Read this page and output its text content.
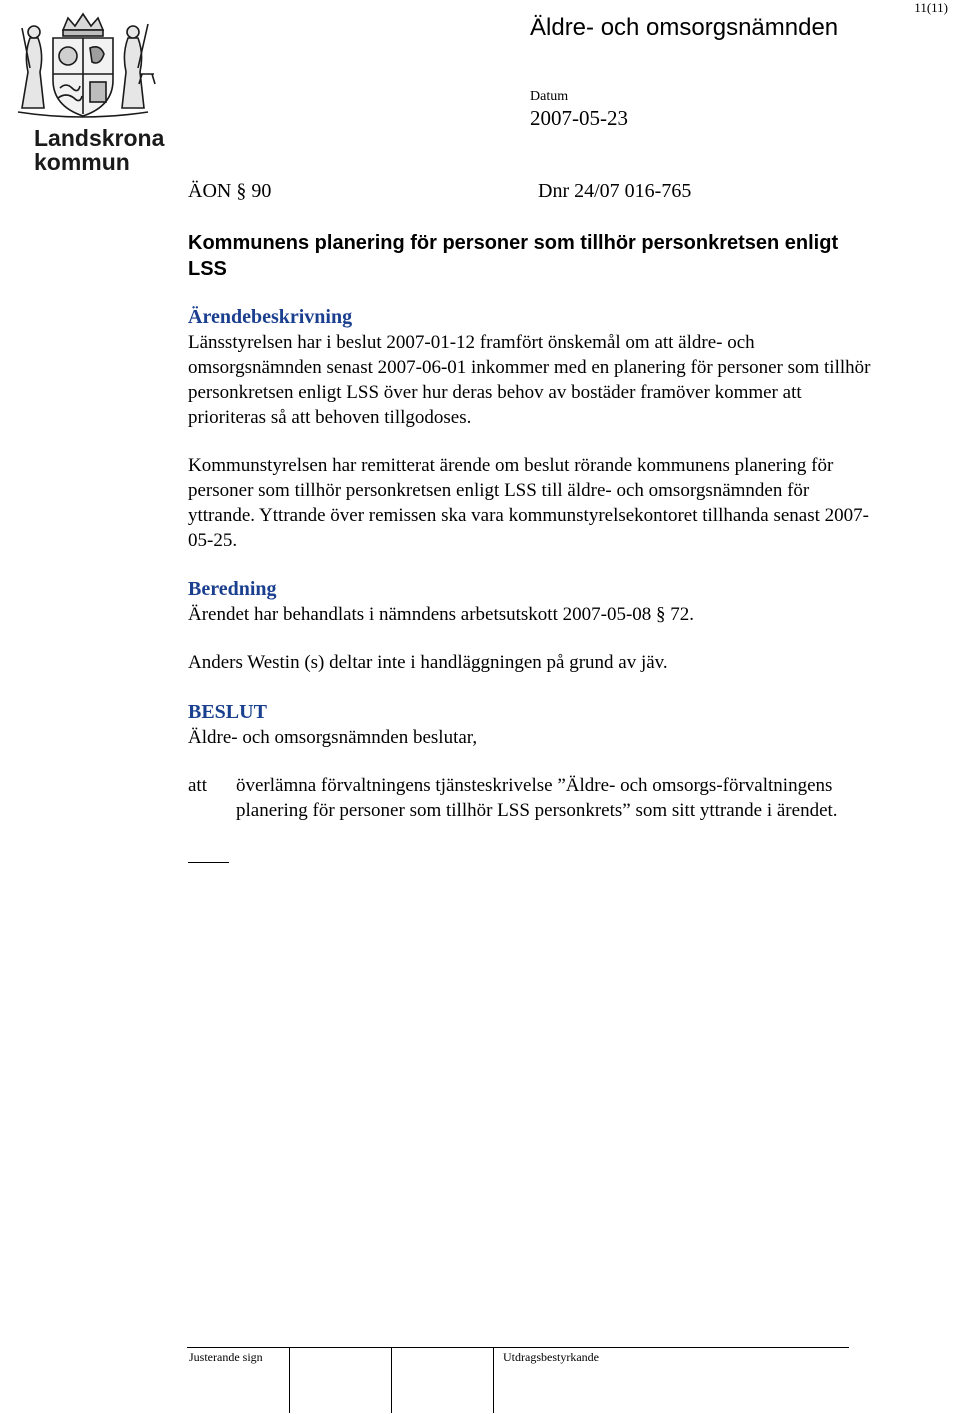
11(11)
Äldre- och omsorgsnämnden
Datum
2007-05-23
Landskrona
kommun
ÄON § 90	Dnr 24/07 016-765
Kommunens planering för personer som tillhör personkretsen enligt LSS

Ärendebeskrivning

Länsstyrelsen har i beslut 2007-01-12 framfört önskemål om att äldre- och omsorgsnämnden senast 2007-06-01 inkommer med en planering för personer som tillhör personkretsen enligt LSS över hur deras behov av bostäder framöver kommer att prioriteras så att behoven tillgodoses.

Kommunstyrelsen har remitterat ärende om beslut rörande kommunens planering för personer som tillhör personkretsen enligt LSS till äldre- och omsorgsnämnden för yttrande. Yttrande över remissen ska vara kommunstyrelsekontoret tillhanda senast 2007-05-25.

Beredning

Ärendet har behandlats i nämndens arbetsutskott 2007-05-08 § 72.

Anders Westin (s) deltar inte i handläggningen på grund av jäv.

BESLUT

Äldre- och omsorgsnämnden beslutar,

att överlämna förvaltningens tjänsteskrivelse ”Äldre- och omsorgs-förvaltningens planering för personer som tillhör LSS personkrets” som sitt yttrande i ärendet.
Justerande sign	Utdragsbestyrkande
